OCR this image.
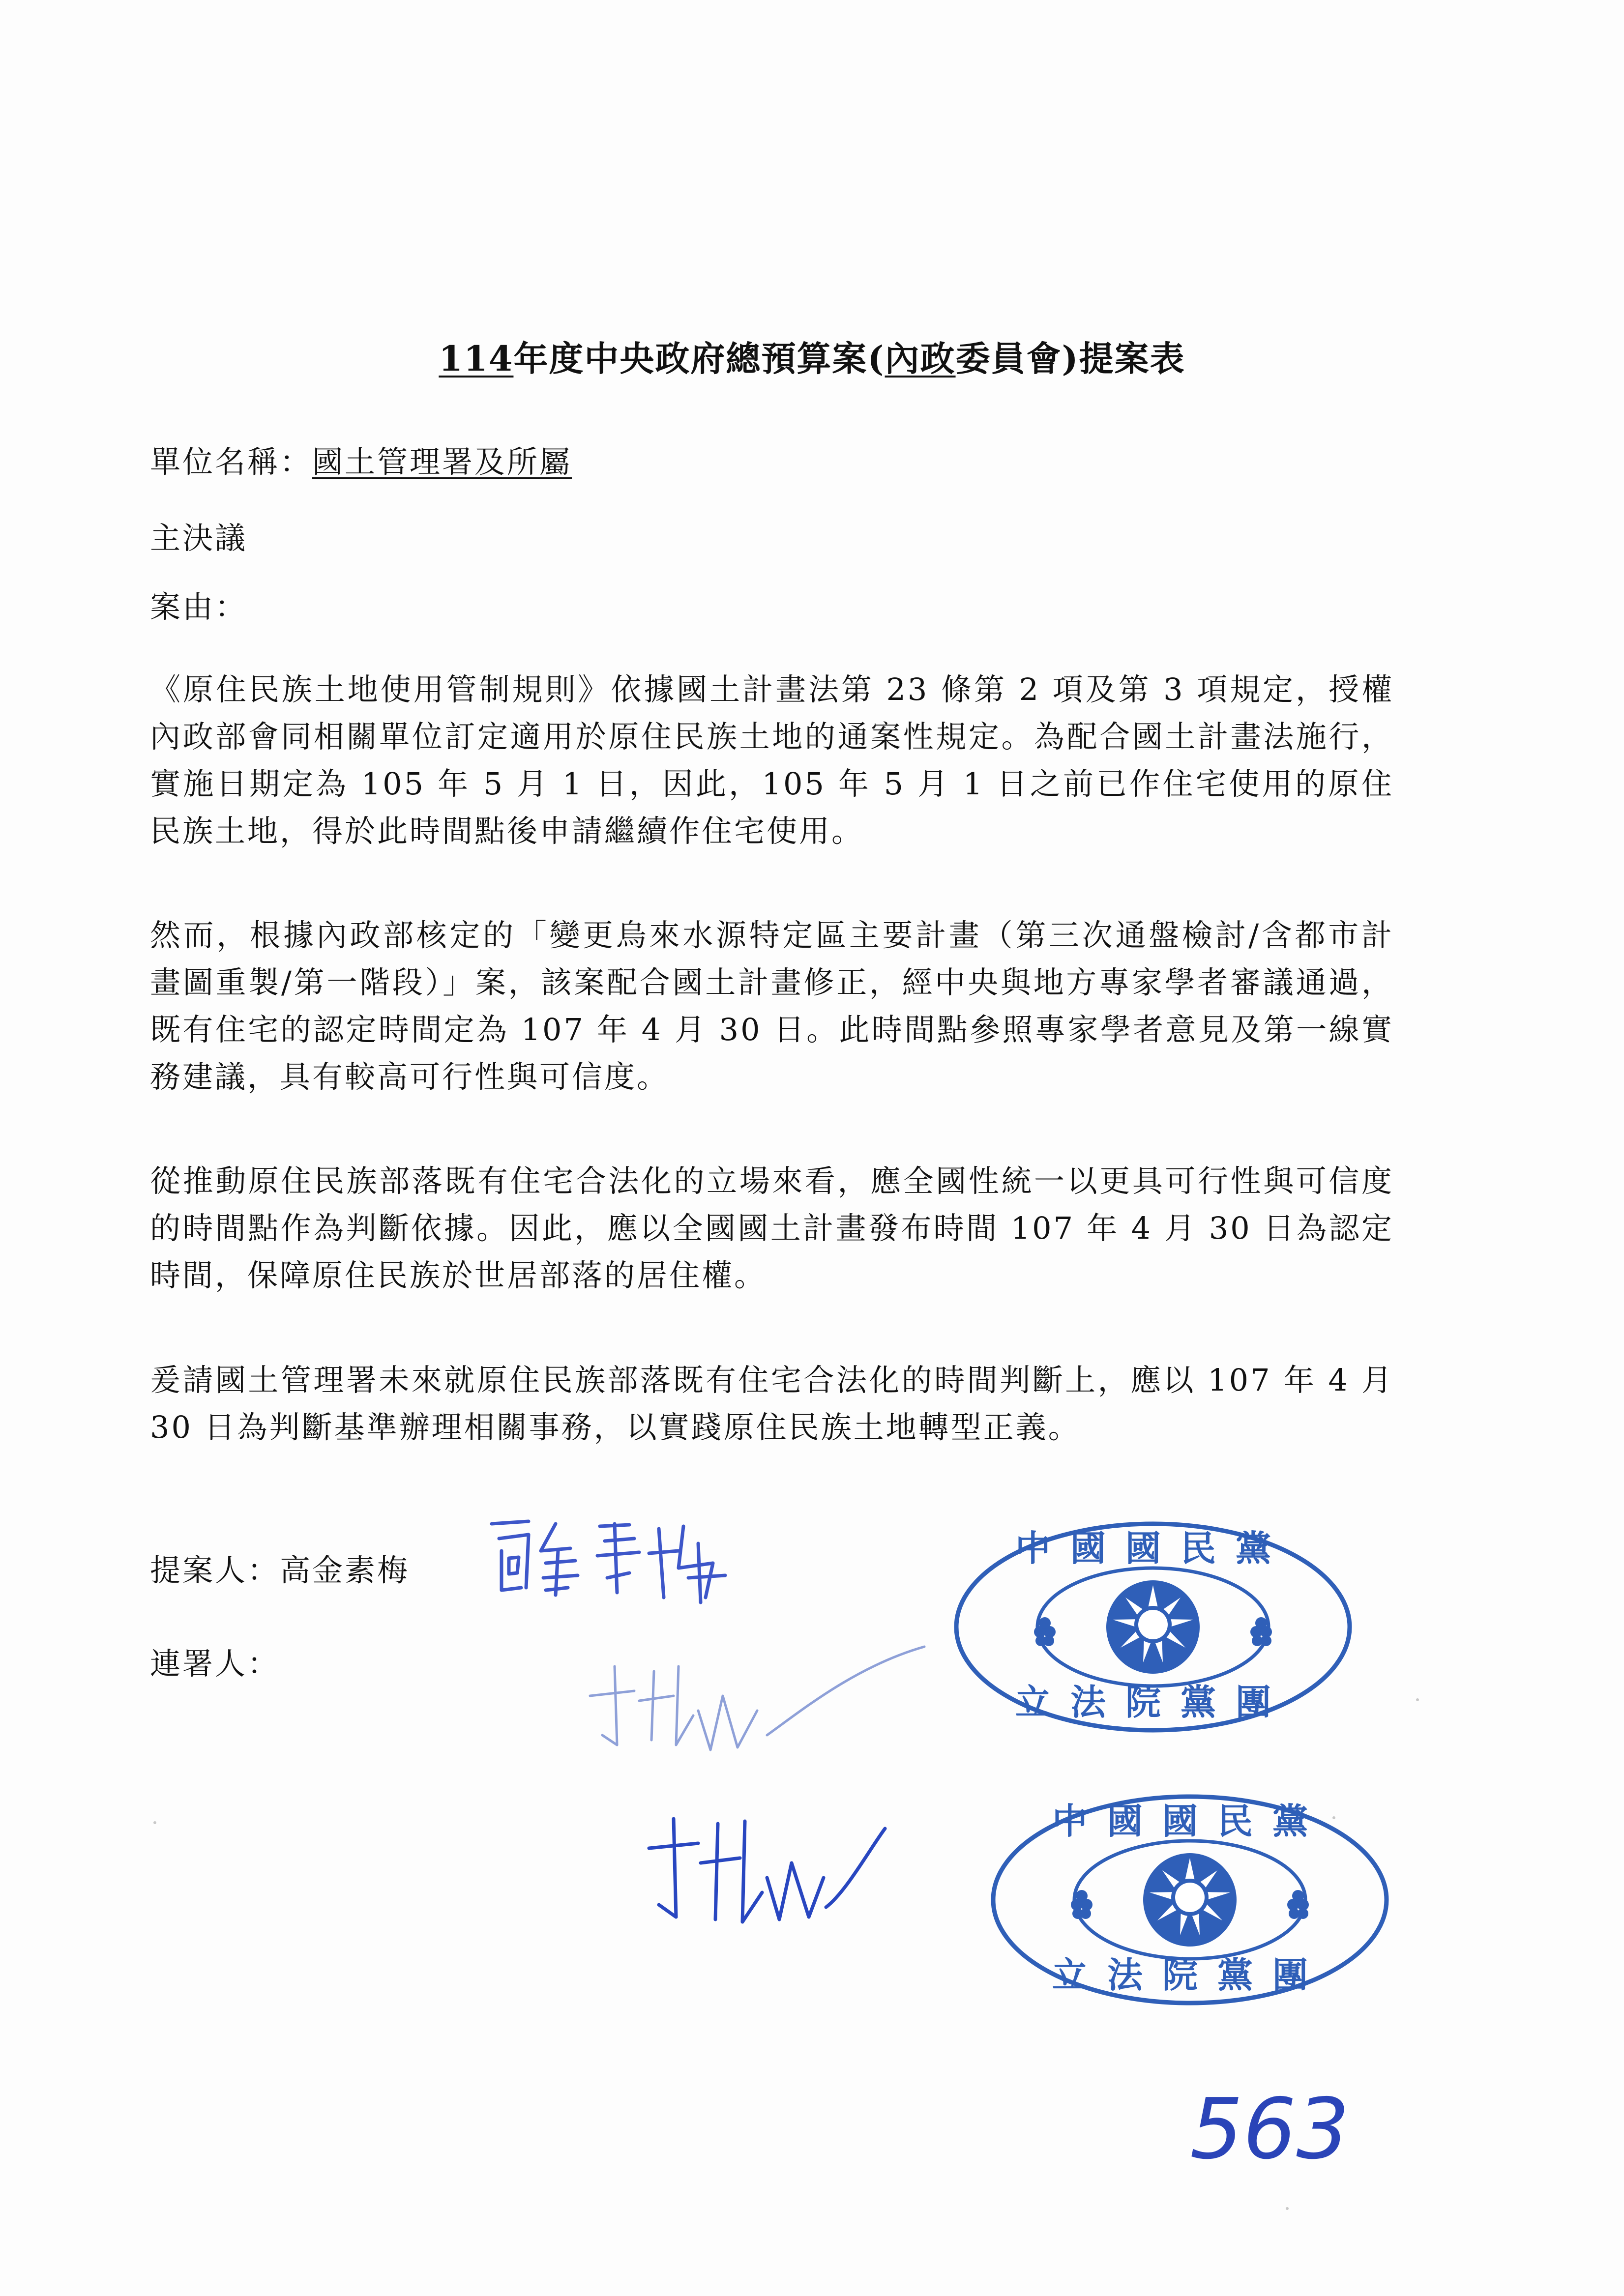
114年度中央政府總預算案(內政委員會)提案表
單位名稱：國土管理署及所屬
主決議
案由：
《原住民族土地使用管制規則》依據國土計畫法第 23 條第 2 項及第 3 項規定，授權內政部會同相關單位訂定適用於原住民族土地的通案性規定。為配合國土計畫法施行，實施日期定為 105 年 5 月 1 日，因此，105 年 5 月 1 日之前已作住宅使用的原住民族土地，得於此時間點後申請繼續作住宅使用。
然而，根據內政部核定的「變更烏來水源特定區主要計畫（第三次通盤檢討/含都市計畫圖重製/第一階段）」案，該案配合國土計畫修正，經中央與地方專家學者審議通過，既有住宅的認定時間定為 107 年 4 月 30 日。此時間點參照專家學者意見及第一線實務建議，具有較高可行性與可信度。
從推動原住民族部落既有住宅合法化的立場來看，應全國性統一以更具可行性與可信度的時間點作為判斷依據。因此，應以全國國土計畫發布時間 107 年 4 月 30 日為認定時間，保障原住民族於世居部落的居住權。
爰請國土管理署未來就原住民族部落既有住宅合法化的時間判斷上，應以 107 年 4 月 30 日為判斷基準辦理相關事務，以實踐原住民族土地轉型正義。
提案人：高金素梅
連署人：
中國國民黨
立法院黨團
中國國民黨
立法院黨團
563
